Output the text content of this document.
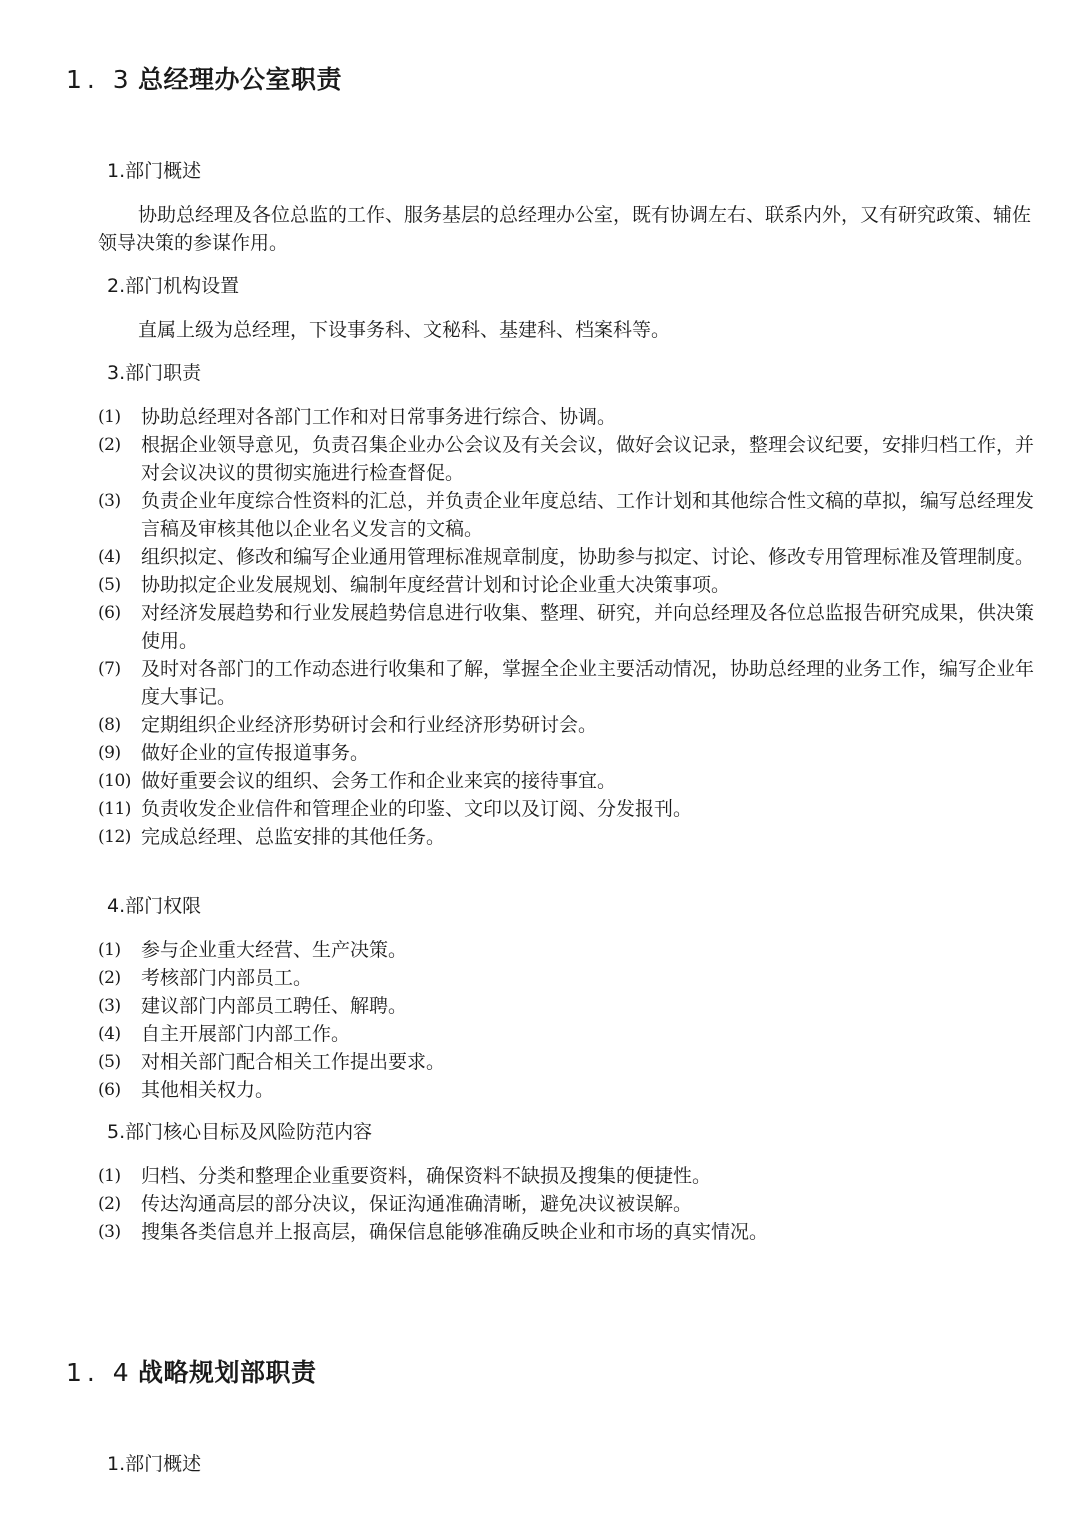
1. 3 总经理办公室职责
1.部门概述

协助总经理及各位总监的工作、服务基层的总经理办公室，既有协调左右、联系内外，又有研究政策、辅佐领导决策的参谋作用。

2.部门机构设置

直属上级为总经理，下设事务科、文秘科、基建科、档案科等。

3.部门职责
(1) 协助总经理对各部门工作和对日常事务进行综合、协调。
(2) 根据企业领导意见，负责召集企业办公会议及有关会议，做好会议记录，整理会议纪要，安排归档工作，并对会议决议的贯彻实施进行检查督促。
(3) 负责企业年度综合性资料的汇总，并负责企业年度总结、工作计划和其他综合性文稿的草拟，编写总经理发言稿及审核其他以企业名义发言的文稿。
(4) 组织拟定、修改和编写企业通用管理标准规章制度，协助参与拟定、讨论、修改专用管理标准及管理制度。
(5) 协助拟定企业发展规划、编制年度经营计划和讨论企业重大决策事项。
(6) 对经济发展趋势和行业发展趋势信息进行收集、整理、研究，并向总经理及各位总监报告研究成果，供决策使用。
(7) 及时对各部门的工作动态进行收集和了解，掌握全企业主要活动情况，协助总经理的业务工作，编写企业年度大事记。
(8) 定期组织企业经济形势研讨会和行业经济形势研讨会。
(9) 做好企业的宣传报道事务。
(10) 做好重要会议的组织、会务工作和企业来宾的接待事宜。
(11) 负责收发企业信件和管理企业的印鉴、文印以及订阅、分发报刊。
(12) 完成总经理、总监安排的其他任务。
4.部门权限
(1) 参与企业重大经营、生产决策。
(2) 考核部门内部员工。
(3) 建议部门内部员工聘任、解聘。
(4) 自主开展部门内部工作。
(5) 对相关部门配合相关工作提出要求。
(6) 其他相关权力。
5.部门核心目标及风险防范内容
(1) 归档、分类和整理企业重要资料，确保资料不缺损及搜集的便捷性。
(2) 传达沟通高层的部分决议，保证沟通准确清晰，避免决议被误解。
(3) 搜集各类信息并上报高层，确保信息能够准确反映企业和市场的真实情况。
1. 4 战略规划部职责
1.部门概述
